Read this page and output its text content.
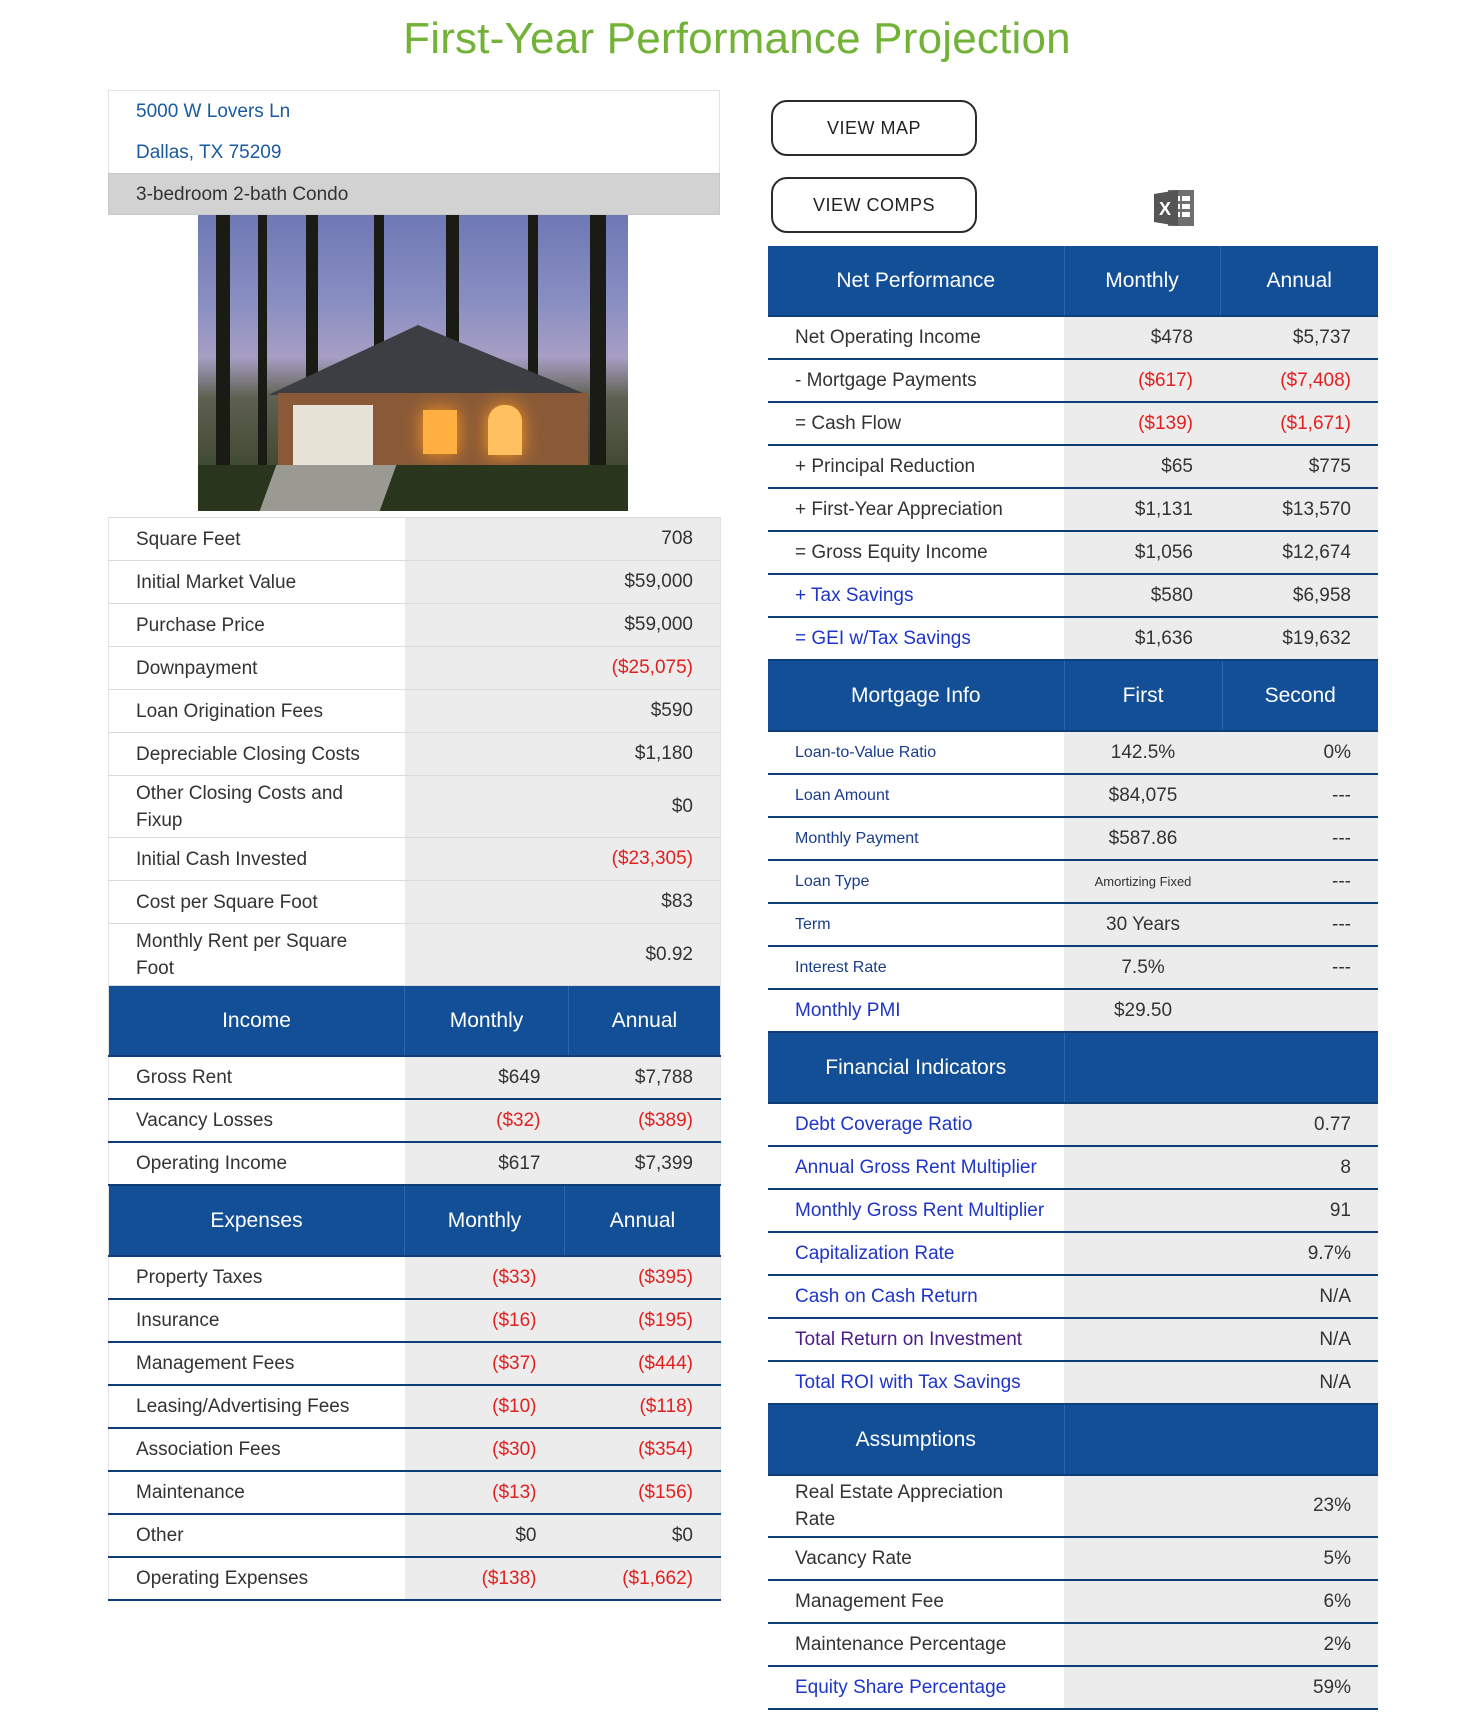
First-Year Performance Projection
5000 W Lovers Ln
Dallas, TX 75209
3-bedroom 2-bath Condo
Square Feet	708
Initial Market Value	$59,000
Purchase Price	$59,000
Downpayment	($25,075)
Loan Origination Fees	$590
Depreciable Closing Costs	$1,180
Other Closing Costs and Fixup	$0
Initial Cash Invested	($23,305)
Cost per Square Foot	$83
Monthly Rent per Square Foot	$0.92
Income	Monthly	Annual
Gross Rent	$649	$7,788
Vacancy Losses	($32)	($389)
Operating Income	$617	$7,399
Expenses	Monthly	Annual
Property Taxes	($33)	($395)
Insurance	($16)	($195)
Management Fees	($37)	($444)
Leasing/Advertising Fees	($10)	($118)
Association Fees	($30)	($354)
Maintenance	($13)	($156)
Other	$0	$0
Operating Expenses	($138)	($1,662)
VIEW MAP
VIEW COMPS	X
Net Performance	Monthly	Annual
Net Operating Income	$478	$5,737
- Mortgage Payments	($617)	($7,408)
= Cash Flow	($139)	($1,671)
+ Principal Reduction	$65	$775
+ First-Year Appreciation	$1,131	$13,570
= Gross Equity Income	$1,056	$12,674
+ Tax Savings	$580	$6,958
= GEI w/Tax Savings	$1,636	$19,632
Mortgage Info	First	Second
Loan-to-Value Ratio	142.5%	0%
Loan Amount	$84,075	---
Monthly Payment	$587.86	---
Loan Type	Amortizing Fixed	---
Term	30 Years	---
Interest Rate	7.5%	---
Monthly PMI	$29.50	
Financial Indicators	
Debt Coverage Ratio	0.77
Annual Gross Rent Multiplier	8
Monthly Gross Rent Multiplier	91
Capitalization Rate	9.7%
Cash on Cash Return	N/A
Total Return on Investment	N/A
Total ROI with Tax Savings	N/A
Assumptions	
Real Estate Appreciation Rate	23%
Vacancy Rate	5%
Management Fee	6%
Maintenance Percentage	2%
Equity Share Percentage	59%
